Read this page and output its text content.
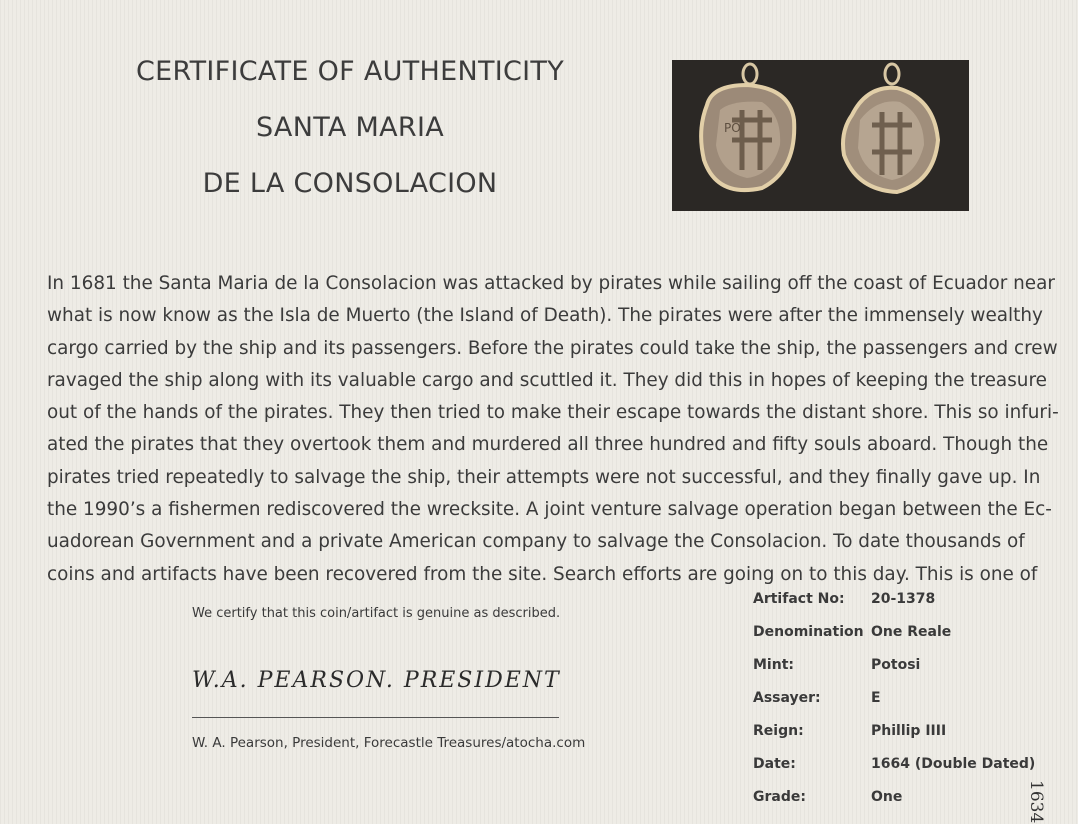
CERTIFICATE OF AUTHENTICITY
SANTA MARIA
DE LA CONSOLACION
PO
In 1681 the Santa Maria de la Consolacion was attacked by pirates while sailing off the coast of Ecuador near
what is now know as the Isla de Muerto (the Island of Death). The pirates were after the immensely wealthy
cargo carried by the ship and its passengers. Before the pirates could take the ship, the passengers and crew
ravaged the ship along with its valuable cargo and scuttled it. They did this in hopes of keeping the treasure
out of the hands of the pirates. They then tried to make their escape towards the distant shore. This so infuri-
ated the pirates that they overtook them and murdered all three hundred and fifty souls aboard. Though the
pirates tried repeatedly to salvage the ship, their attempts were not successful, and they finally gave up. In
the 1990’s a fishermen rediscovered the wrecksite. A joint venture salvage operation began between the Ec-
uadorean Government and a private American company to salvage the Consolacion. To date thousands of
coins and artifacts have been recovered from the site. Search efforts are going on to this day. This is one of
We certify that this coin/artifact is genuine as described.
W.A. PEARSON. PRESIDENT
W. A. Pearson, President, Forecastle Treasures/atocha.com
Artifact No: 20-1378
Denomination One Reale
Mint:	Potosi
Assayer:	E
Reign:	Phillip IIII
Date:	1664 (Double Dated)
Grade:	One	1634
